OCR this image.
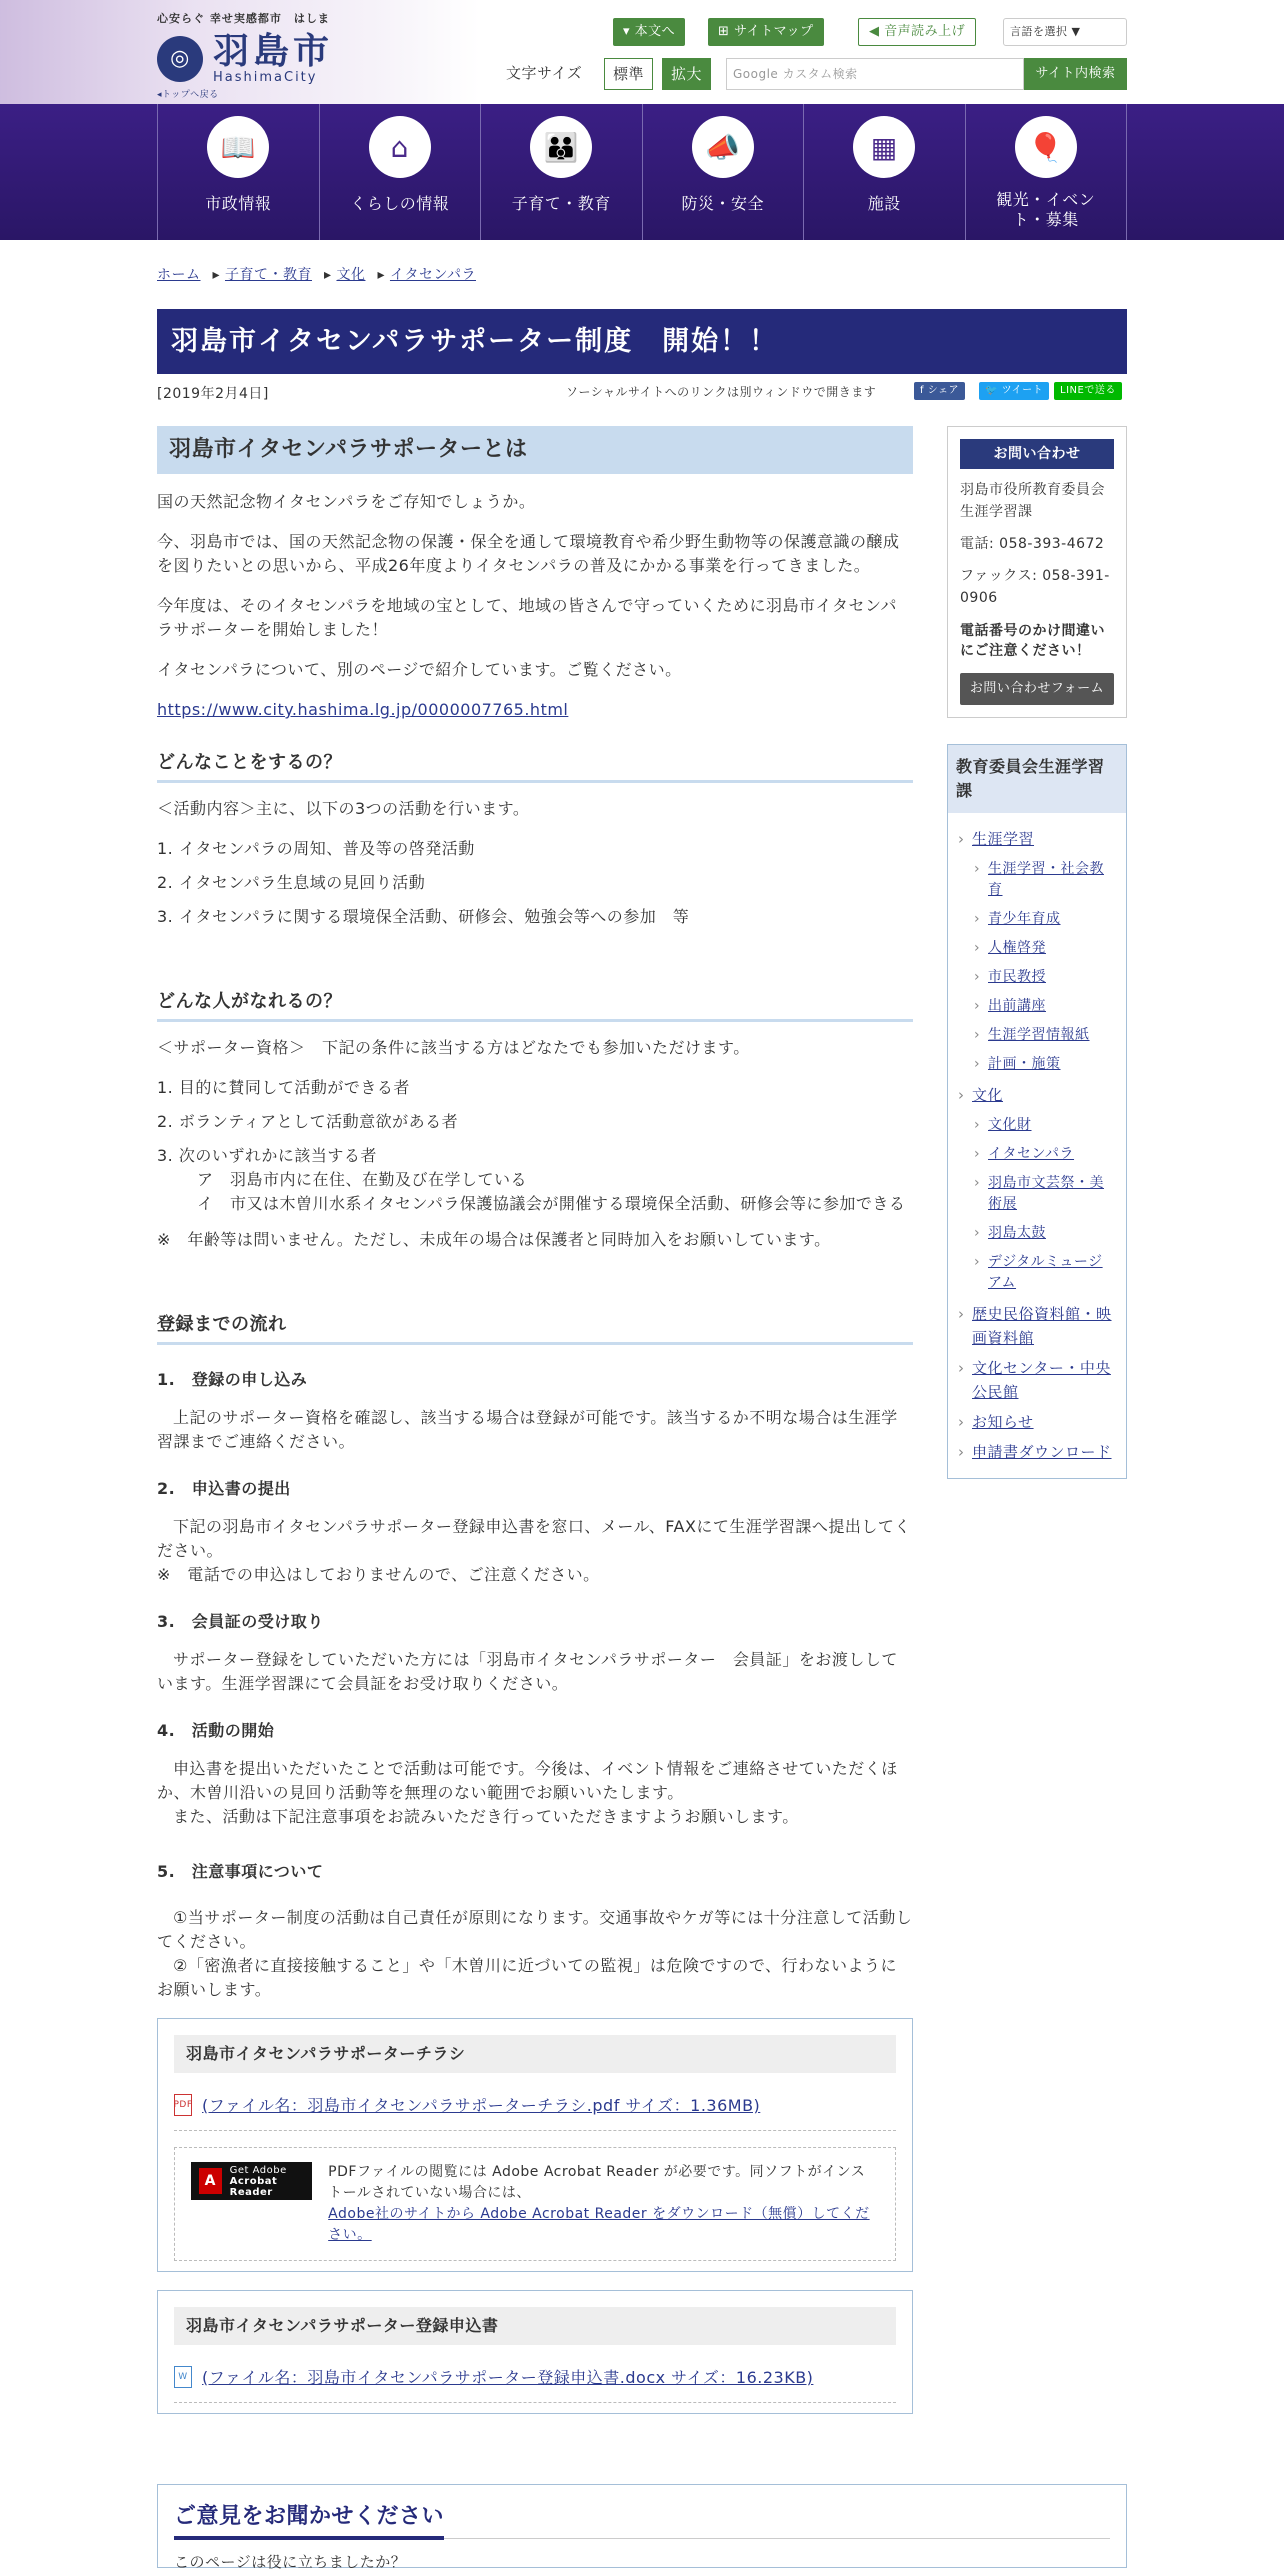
心安らぐ 幸せ実感都市　はしま
◎ 羽島市
HashimaCity
◂トップへ戻る
▾ 本文へ	⊞ サイトマップ	◀ 音声読み上げ	言語を選択 ▼
文字サイズ	標準	拡大	Google カスタム検索	サイト内検索
📖
市政情報
⌂
くらしの情報
👪
子育て・教育
📣
防災・安全
▦
施設
🎈
観光・イベント・募集
ホーム ▸ 子育て・教育 ▸ 文化 ▸ イタセンパラ
羽島市イタセンパラサポーター制度　開始！！
[2019年2月4日]	ソーシャルサイトへのリンクは別ウィンドウで開きます	f シェア	🐦 ツイート	LINEで送る
羽島市イタセンパラサポーターとは

国の天然記念物イタセンパラをご存知でしょうか。

今、羽島市では、国の天然記念物の保護・保全を通して環境教育や希少野生動物等の保護意識の醸成を図りたいとの思いから、平成26年度よりイタセンパラの普及にかかる事業を行ってきました。

今年度は、そのイタセンパラを地域の宝として、地域の皆さんで守っていくために羽島市イタセンパラサポーターを開始しました！

イタセンパラについて、別のページで紹介しています。ご覧ください。

https://www.city.hashima.lg.jp/0000007765.html

どんなことをするの？
＜活動内容＞主に、以下の3つの活動を行います。
1. イタセンパラの周知、普及等の啓発活動
2. イタセンパラ生息域の見回り活動
3. イタセンパラに関する環境保全活動、研修会、勉強会等への参加　等
どんな人がなれるの？
＜サポーター資格＞　下記の条件に該当する方はどなたでも参加いただけます。
1. 目的に賛同して活動ができる者
2. ボランティアとして活動意欲がある者
3. 次のいずれかに該当する者
ア　羽島市内に在住、在勤及び在学している
イ　市又は木曽川水系イタセンパラ保護協議会が開催する環境保全活動、研修会等に参加できる
※　年齢等は問いません。ただし、未成年の場合は保護者と同時加入をお願いしています。
登録までの流れ
1.　登録の申し込み

上記のサポーター資格を確認し、該当する場合は登録が可能です。該当するか不明な場合は生涯学習課までご連絡ください。

2.　申込書の提出

下記の羽島市イタセンパラサポーター登録申込書を窓口、メール、FAXにて生涯学習課へ提出してください。

※　電話での申込はしておりませんので、ご注意ください。

3.　会員証の受け取り

サポーター登録をしていただいた方には「羽島市イタセンパラサポーター　会員証」をお渡ししています。生涯学習課にて会員証をお受け取りください。

4.　活動の開始

申込書を提出いただいたことで活動は可能です。今後は、イベント情報をご連絡させていただくほか、木曽川沿いの見回り活動等を無理のない範囲でお願いいたします。

また、活動は下記注意事項をお読みいただき行っていただきますようお願いします。

5.　注意事項について

①当サポーター制度の活動は自己責任が原則になります。交通事故やケガ等には十分注意して活動してください。

②「密漁者に直接接触すること」や「木曽川に近づいての監視」は危険ですので、行わないようにお願いします。

羽島市イタセンパラサポーターチラシ
PDF (ファイル名：羽島市イタセンパラサポーターチラシ.pdf サイズ：1.36MB)
A
Get Adobe
Acrobat Reader
PDFファイルの閲覧には Adobe Acrobat Reader が必要です。同ソフトがインストールされていない場合には、
Adobe社のサイトから Adobe Acrobat Reader をダウンロード（無償）してください。
羽島市イタセンパラサポーター登録申込書
W (ファイル名：羽島市イタセンパラサポーター登録申込書.docx サイズ：16.23KB)
お問い合わせ
羽島市役所教育委員会生涯学習課
電話: 058-393-4672
ファックス: 058-391-0906
電話番号のかけ間違いにご注意ください！
お問い合わせフォーム
教育委員会生涯学習課
› 生涯学習
› 生涯学習・社会教育
› 青少年育成
› 人権啓発
› 市民教授
› 出前講座
› 生涯学習情報紙
› 計画・施策
› 文化
› 文化財
› イタセンパラ
› 羽島市文芸祭・美術展
› 羽島太鼓
› デジタルミュージアム
› 歴史民俗資料館・映画資料館
› 文化センター・中央公民館
› お知らせ
› 申請書ダウンロード
ご意見をお聞かせください
このページは役に立ちましたか？
